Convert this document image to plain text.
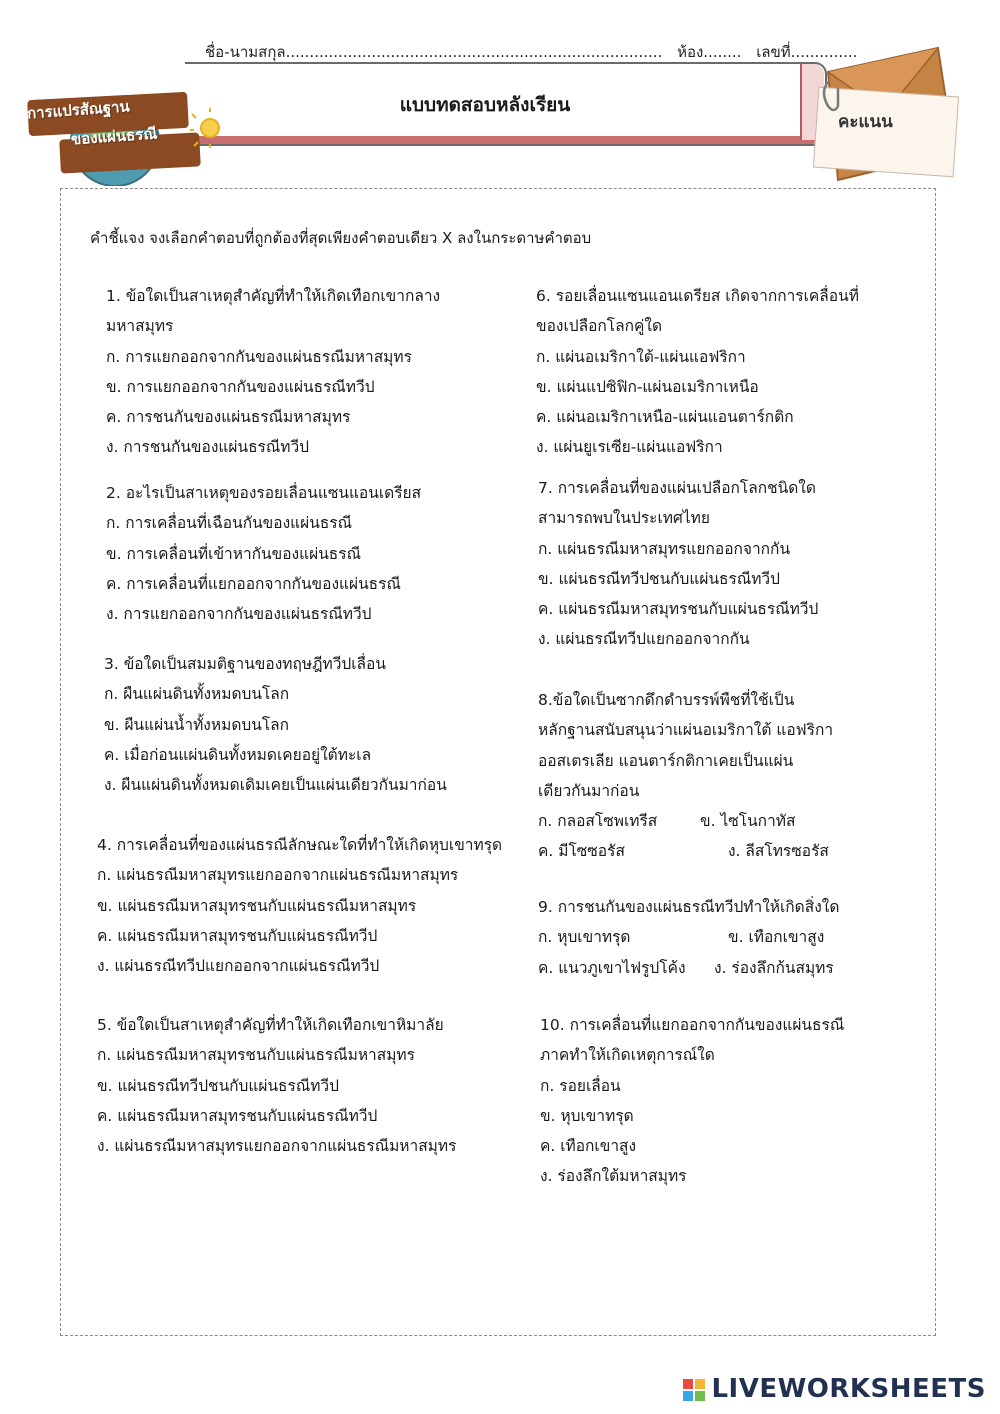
ชื่อ-นามสกุล............................................................................... ห้อง........ เลขที่..............
แบบทดสอบหลังเรียน
การแปรสัณฐาน
ของแผ่นธรณี
คะแนน
คำชี้แจง จงเลือกคำตอบที่ถูกต้องที่สุดเพียงคำตอบเดียว X ลงในกระดาษคำตอบ
1. ข้อใดเป็นสาเหตุสำคัญที่ทำให้เกิดเทือกเขากลาง
มหาสมุทร
ก. การแยกออกจากกันของแผ่นธรณีมหาสมุทร
ข. การแยกออกจากกันของแผ่นธรณีทวีป
ค. การชนกันของแผ่นธรณีมหาสมุทร
ง. การชนกันของแผ่นธรณีทวีป
2. อะไรเป็นสาเหตุของรอยเลื่อนแซนแอนเดรียส
ก. การเคลื่อนที่เฉือนกันของแผ่นธรณี
ข. การเคลื่อนที่เข้าหากันของแผ่นธรณี
ค. การเคลื่อนที่แยกออกจากกันของแผ่นธรณี
ง. การแยกออกจากกันของแผ่นธรณีทวีป
3. ข้อใดเป็นสมมติฐานของทฤษฎีทวีปเลื่อน
ก. ผืนแผ่นดินทั้งหมดบนโลก
ข. ผืนแผ่นน้ำทั้งหมดบนโลก
ค. เมื่อก่อนแผ่นดินทั้งหมดเคยอยู่ใต้ทะเล
ง. ผืนแผ่นดินทั้งหมดเดิมเคยเป็นแผ่นเดียวกันมาก่อน
4. การเคลื่อนที่ของแผ่นธรณีลักษณะใดที่ทำให้เกิดหุบเขาทรุด
ก. แผ่นธรณีมหาสมุทรแยกออกจากแผ่นธรณีมหาสมุทร
ข. แผ่นธรณีมหาสมุทรชนกับแผ่นธรณีมหาสมุทร
ค. แผ่นธรณีมหาสมุทรชนกับแผ่นธรณีทวีป
ง. แผ่นธรณีทวีปแยกออกจากแผ่นธรณีทวีป
5. ข้อใดเป็นสาเหตุสำคัญที่ทำให้เกิดเทือกเขาหิมาลัย
ก. แผ่นธรณีมหาสมุทรชนกับแผ่นธรณีมหาสมุทร
ข. แผ่นธรณีทวีปชนกับแผ่นธรณีทวีป
ค. แผ่นธรณีมหาสมุทรชนกับแผ่นธรณีทวีป
ง. แผ่นธรณีมหาสมุทรแยกออกจากแผ่นธรณีมหาสมุทร
6. รอยเลื่อนแซนแอนเดรียส เกิดจากการเคลื่อนที่
ของเปลือกโลกคู่ใด
ก. แผ่นอเมริกาใต้-แผ่นแอฟริกา
ข. แผ่นแปซิฟิก-แผ่นอเมริกาเหนือ
ค. แผ่นอเมริกาเหนือ-แผ่นแอนตาร์กติก
ง. แผ่นยูเรเซีย-แผ่นแอฟริกา
7. การเคลื่อนที่ของแผ่นเปลือกโลกชนิดใด
สามารถพบในประเทศไทย
ก. แผ่นธรณีมหาสมุทรแยกออกจากกัน
ข. แผ่นธรณีทวีปชนกับแผ่นธรณีทวีป
ค. แผ่นธรณีมหาสมุทรชนกับแผ่นธรณีทวีป
ง. แผ่นธรณีทวีปแยกออกจากกัน
8.ข้อใดเป็นซากดึกดำบรรพ์พืชที่ใช้เป็น
หลักฐานสนับสนุนว่าแผ่นอเมริกาใต้ แอฟริกา
ออสเตรเลีย แอนตาร์กติกาเคยเป็นแผ่น
เดียวกันมาก่อน
ก. กลอสโซพเทรีส	ข. ไซโนกาทัส
ค. มีโซซอรัส	ง. ลีสโทรซอรัส
9. การชนกันของแผ่นธรณีทวีปทำให้เกิดสิ่งใด
ก. หุบเขาทรุด	ข. เทือกเขาสูง
ค. แนวภูเขาไฟรูปโค้ง ง. ร่องลึกก้นสมุทร
10. การเคลื่อนที่แยกออกจากกันของแผ่นธรณี
ภาคทำให้เกิดเหตุการณ์ใด
ก. รอยเลื่อน
ข. หุบเขาทรุด
ค. เทือกเขาสูง
ง. ร่องลึกใต้มหาสมุทร
LIVEWORKSHEETS
